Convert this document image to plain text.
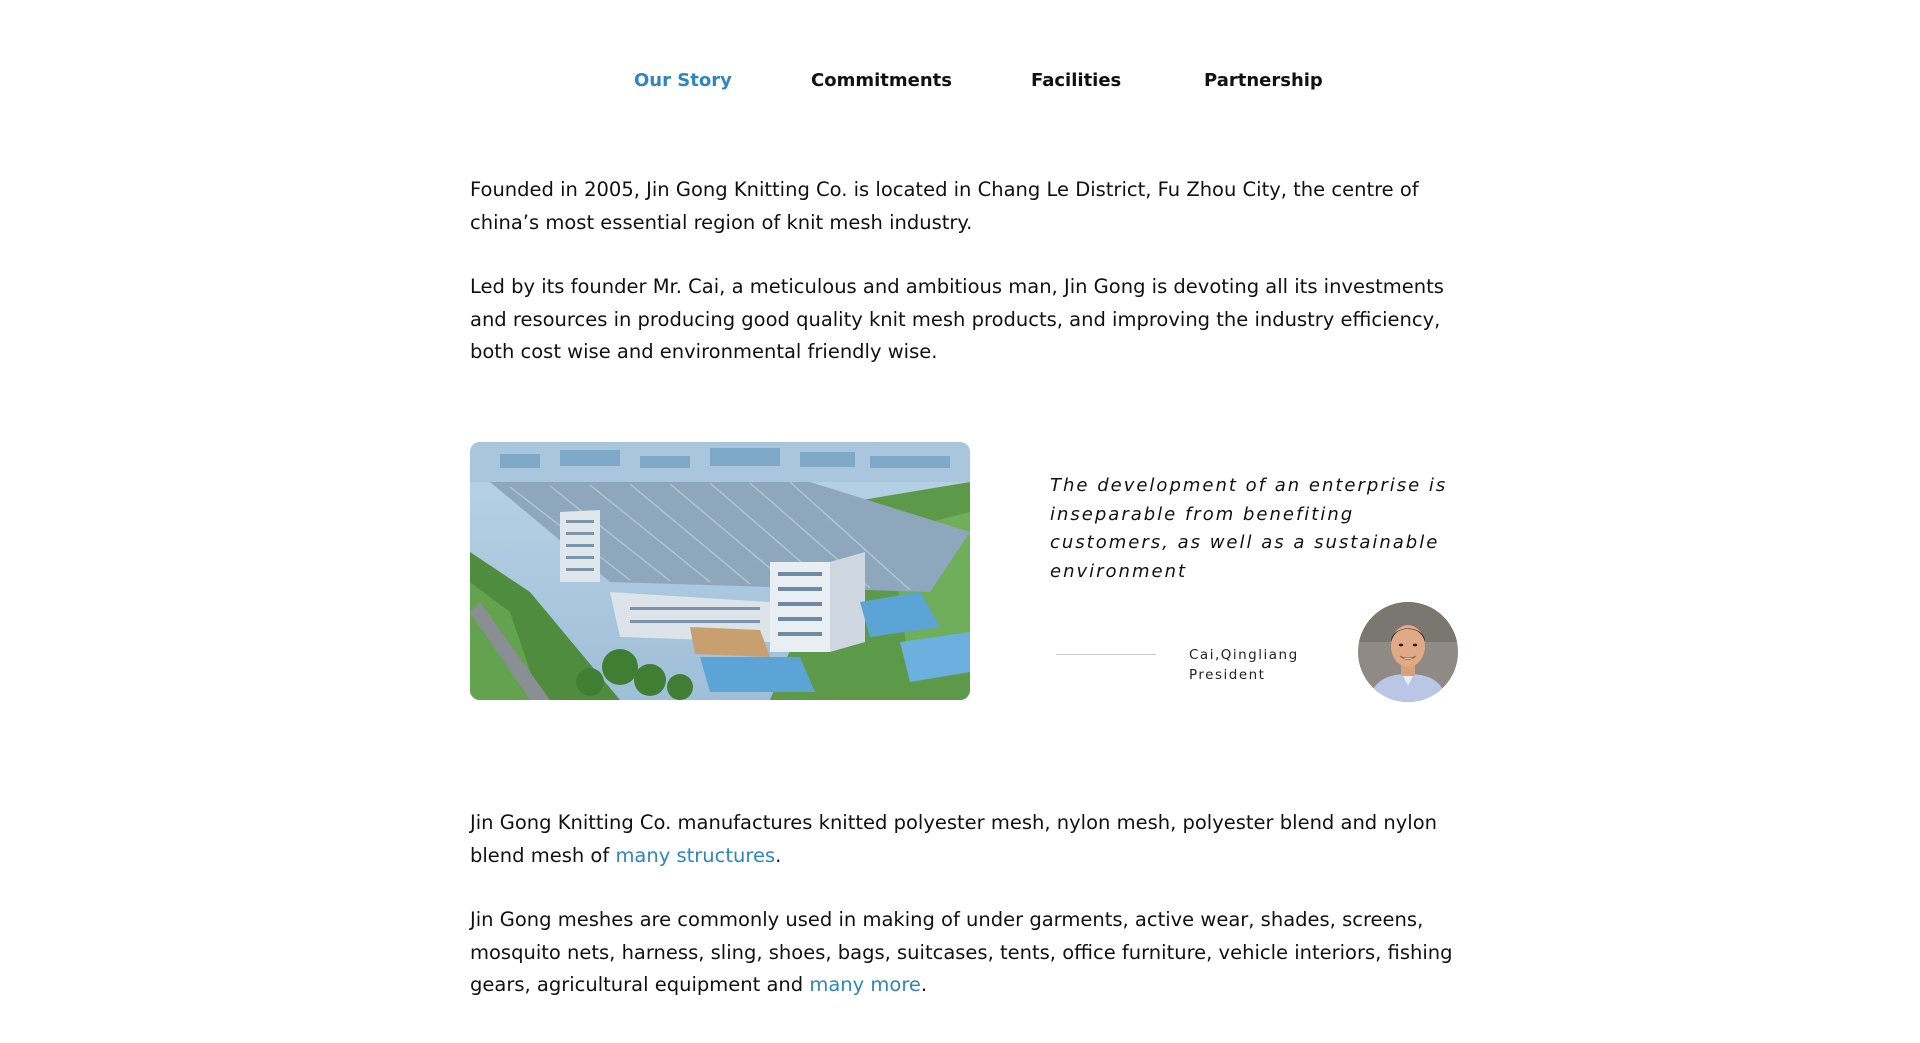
Our Story	Commitments	Facilities	Partnership

Founded in 2005, Jin Gong Knitting Co. is located in Chang Le District, Fu Zhou City, the centre of china’s most essential region of knit mesh industry.

Led by its founder Mr. Cai, a meticulous and ambitious man, Jin Gong is devoting all its investments and resources in producing good quality knit mesh products, and improving the industry efficiency, both cost wise and environmental friendly wise.

The development of an enterprise is inseparable from benefiting customers, as well as a sustainable environment

Cai,Qingliang
President

Jin Gong Knitting Co. manufactures knitted polyester mesh, nylon mesh, polyester blend and nylon blend mesh of many structures.

Jin Gong meshes are commonly used in making of under garments, active wear, shades, screens, mosquito nets, harness, sling, shoes, bags, suitcases, tents, office furniture, vehicle interiors, fishing gears, agricultural equipment and many more.
